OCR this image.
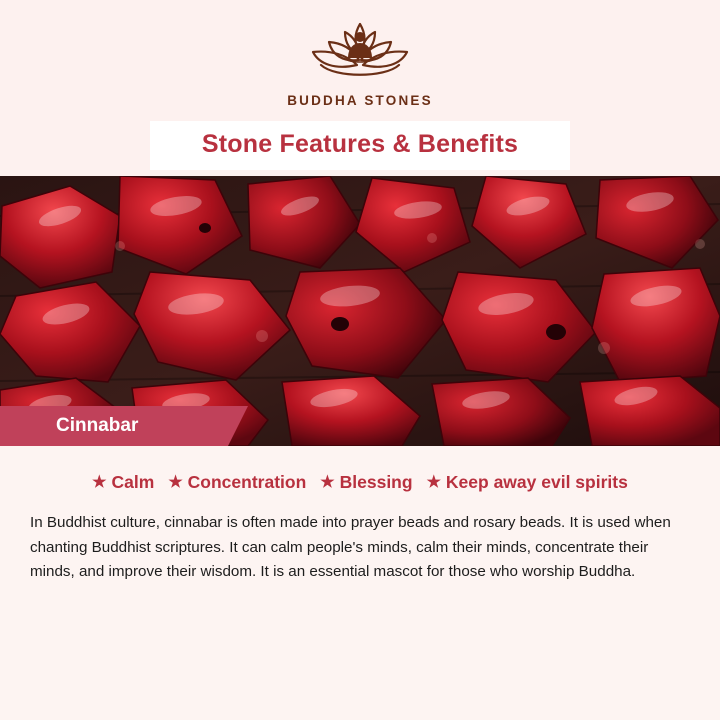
BUDDHA STONES
Stone Features & Benefits
Cinnabar
★ Calm ★ Concentration ★ Blessing ★ Keep away evil spirits

In Buddhist culture, cinnabar is often made into prayer beads and rosary beads. It is used when chanting Buddhist scriptures. It can calm people's minds, calm their minds, concentrate their minds, and improve their wisdom. It is an essential mascot for those who worship Buddha.
